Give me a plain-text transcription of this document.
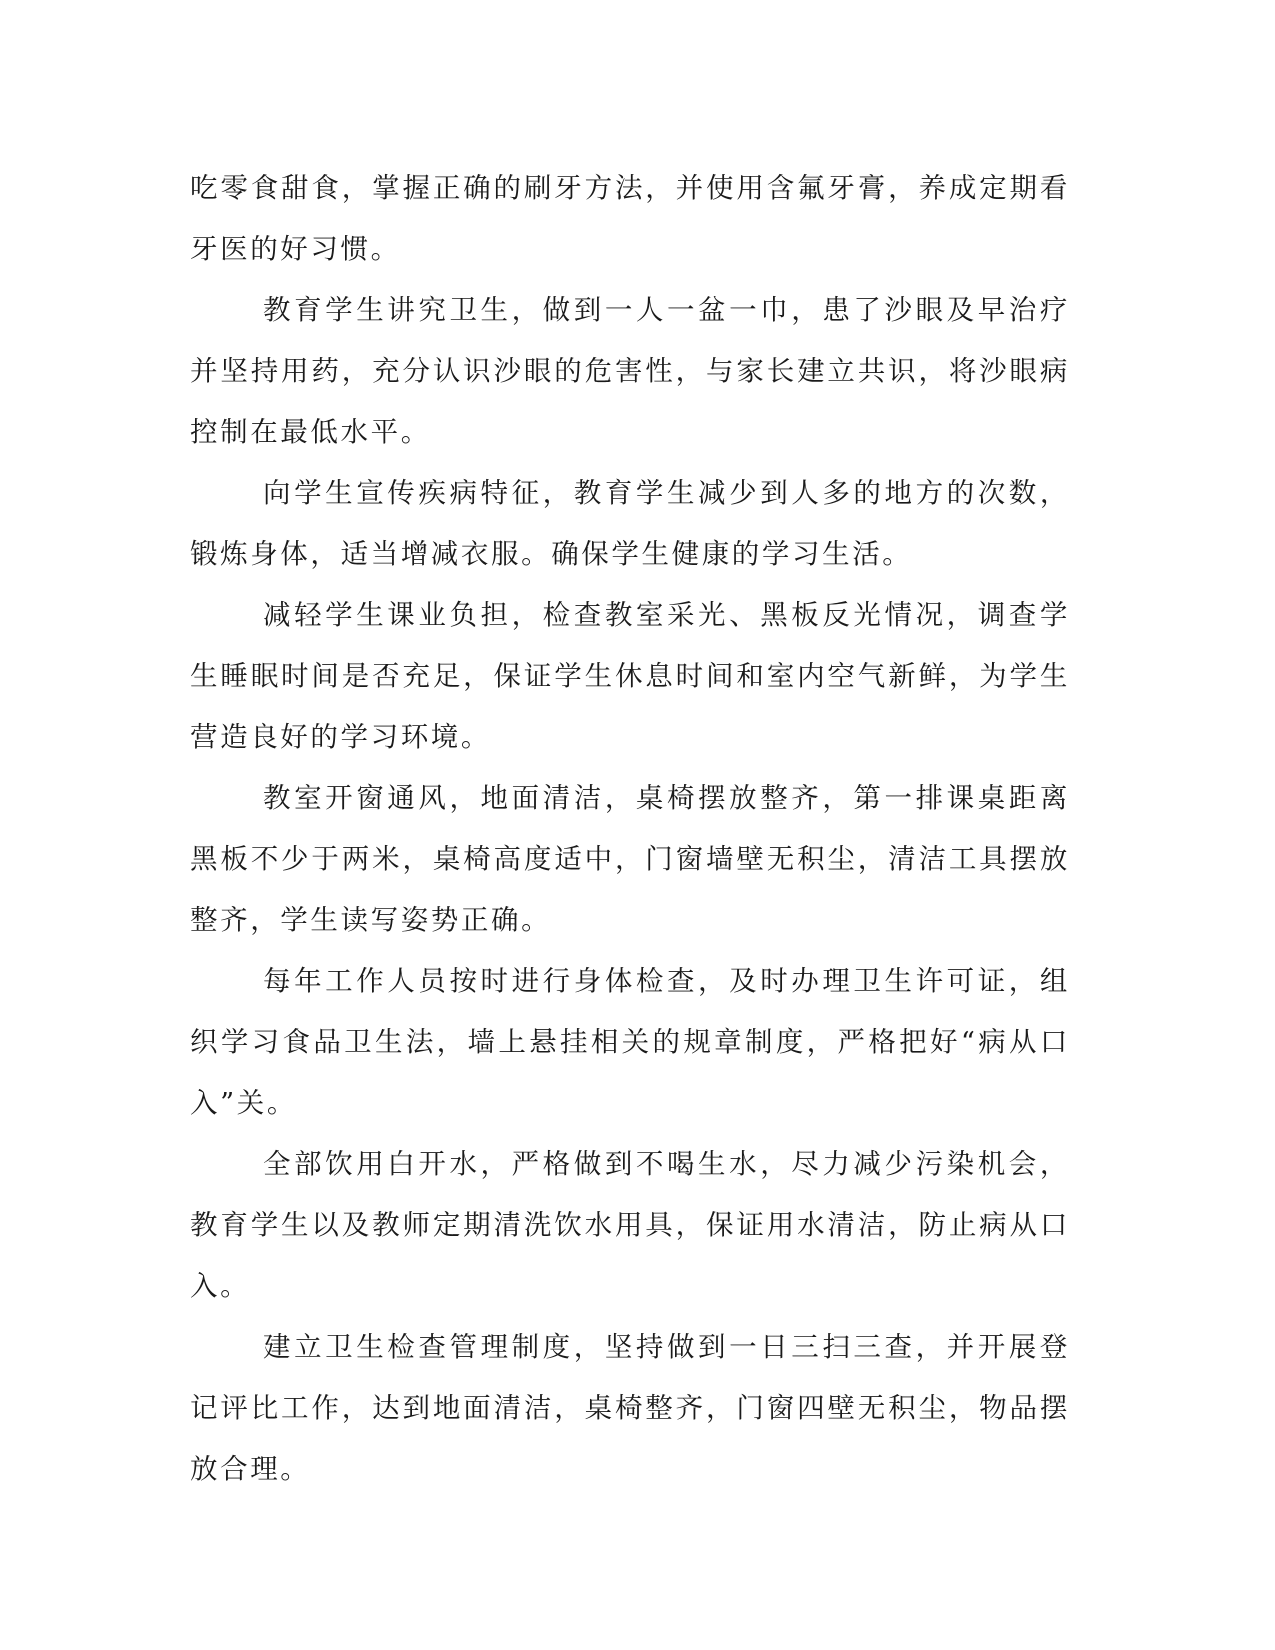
吃零食甜食，掌握正确的刷牙方法，并使用含氟牙膏，养成定期看牙医的好习惯。

教育学生讲究卫生，做到一人一盆一巾，患了沙眼及早治疗并坚持用药，充分认识沙眼的危害性，与家长建立共识，将沙眼病控制在最低水平。

向学生宣传疾病特征，教育学生减少到人多的地方的次数，锻炼身体，适当增减衣服。确保学生健康的学习生活。

减轻学生课业负担，检查教室采光、黑板反光情况，调查学生睡眠时间是否充足，保证学生休息时间和室内空气新鲜，为学生营造良好的学习环境。

教室开窗通风，地面清洁，桌椅摆放整齐，第一排课桌距离黑板不少于两米，桌椅高度适中，门窗墙壁无积尘，清洁工具摆放整齐，学生读写姿势正确。

每年工作人员按时进行身体检查，及时办理卫生许可证，组织学习食品卫生法，墙上悬挂相关的规章制度，严格把好“病从口入”关。

全部饮用白开水，严格做到不喝生水，尽力减少污染机会，教育学生以及教师定期清洗饮水用具，保证用水清洁，防止病从口入。

建立卫生检查管理制度，坚持做到一日三扫三查，并开展登记评比工作，达到地面清洁，桌椅整齐，门窗四壁无积尘，物品摆放合理。
